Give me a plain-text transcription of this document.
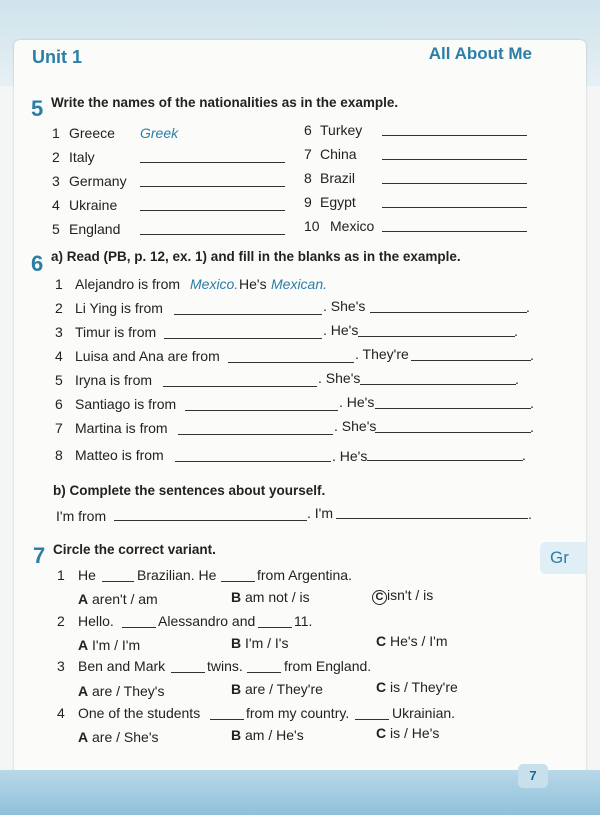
Unit 1	All About Me
5 Write the names of the nationalities as in the example.
1 Greece Greek
2 Italy
3 Germany
4 Ukraine
5 England
6 Turkey
7 China
8 Brazil
9 Egypt
10 Mexico
6 a) Read (PB, p. 12, ex. 1) and fill in the blanks as in the example.
1 Alejandro is from Mexico. He's Mexican.
2 Li Ying is from	. She's	.
3 Timur is from	. He's	.
4 Luisa and Ana are from	. They're	.
5 Iryna is from	. She's	.
6 Santiago is from	. He's	.
7 Martina is from	. She's	.
8 Matteo is from	. He's	.
b) Complete the sentences about yourself.
I'm from	. I'm	.
7 Circle the correct variant.
1 He	Brazilian. He	from Argentina.
A aren't / am	B am not / is	C isn't / is
2 Hello.	Alessandro and	11.
A I'm / I'm	B I'm / I's	C He's / I'm
3 Ben and Mark	twins.	from England.
A are / They's	B are / They're	C is / They're
4 One of the students	from my country.	Ukrainian.
A are / She's	B am / He's	C is / He's
Gr
7
